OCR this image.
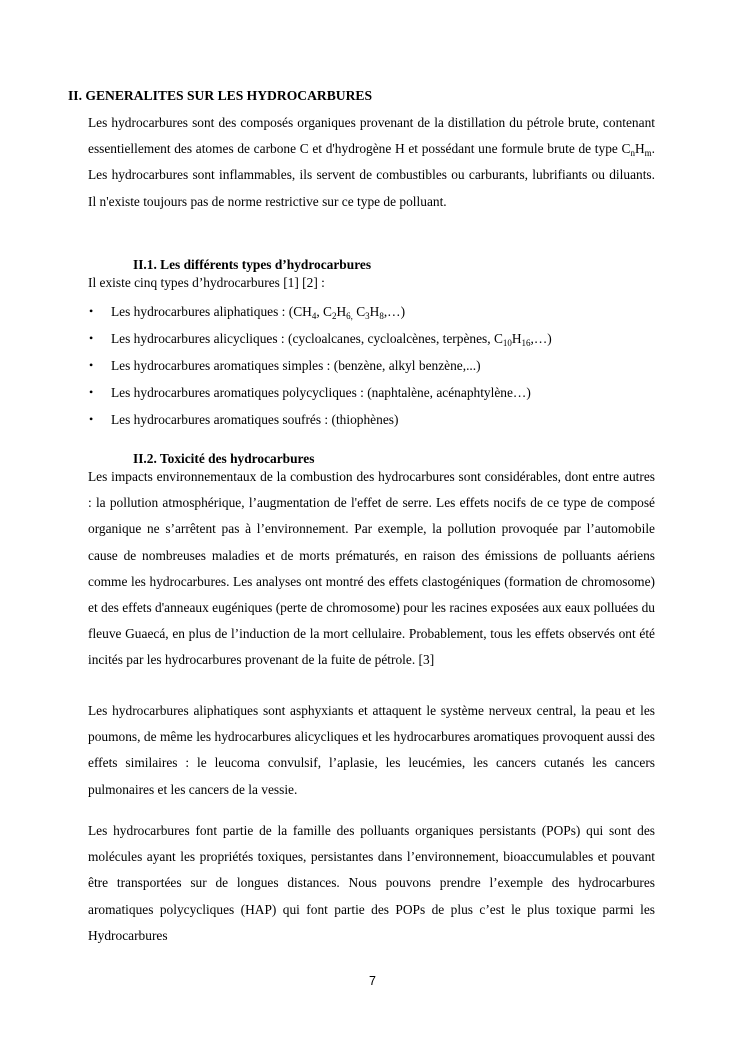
II. GENERALITES SUR LES HYDROCARBURES

Les hydrocarbures sont des composés organiques provenant de la distillation du pétrole brute, contenant essentiellement des atomes de carbone C et d'hydrogène H et possédant une formule brute de type $C_nH_m$. Les hydrocarbures sont inflammables, ils servent de combustibles ou carburants, lubrifiants ou diluants. Il n'existe toujours pas de norme restrictive sur ce type de polluant.

II.1. Les différents types d’hydrocarbures

Il existe cinq types d’hydrocarbures [1] [2] :

• Les hydrocarbures aliphatiques : ($CH_4$, $C_2H_{6,}$ $C_3H_8,\dots$)
• Les hydrocarbures alicycliques : (cycloalcanes, cycloalcènes, terpènes, $C_{10}H_{16},\dots$)
• Les hydrocarbures aromatiques simples : (benzène, alkyl benzène,...)
• Les hydrocarbures aromatiques polycycliques : (naphtalène, acénaphtylène…)
• Les hydrocarbures aromatiques soufrés : (thiophènes)
II.2. Toxicité des hydrocarbures

Les impacts environnementaux de la combustion des hydrocarbures sont considérables, dont entre autres : la pollution atmosphérique, l’augmentation de l'effet de serre. Les effets nocifs de ce type de composé organique ne s’arrêtent pas à l’environnement. Par exemple, la pollution provoquée par l’automobile cause de nombreuses maladies et de morts prématurés, en raison des émissions de polluants aériens comme les hydrocarbures. Les analyses ont montré des effets clastogéniques (formation de chromosome) et des effets d'anneaux eugéniques (perte de chromosome) pour les racines exposées aux eaux polluées du fleuve Guaecá, en plus de l’induction de la mort cellulaire. Probablement, tous les effets observés ont été incités par les hydrocarbures provenant de la fuite de pétrole. [3]

Les hydrocarbures aliphatiques sont asphyxiants et attaquent le système nerveux central, la peau et les poumons, de même les hydrocarbures alicycliques et les hydrocarbures aromatiques provoquent aussi des effets similaires : le leucoma convulsif, l’aplasie, les leucémies, les cancers cutanés les cancers pulmonaires et les cancers de la vessie.

Les hydrocarbures font partie de la famille des polluants organiques persistants (POPs) qui sont des molécules ayant les propriétés toxiques, persistantes dans l’environnement, bioaccumulables et pouvant être transportées sur de longues distances. Nous pouvons prendre l’exemple des hydrocarbures aromatiques polycycliques (HAP) qui font partie des POPs de plus c’est le plus toxique parmi les Hydrocarbures

7
